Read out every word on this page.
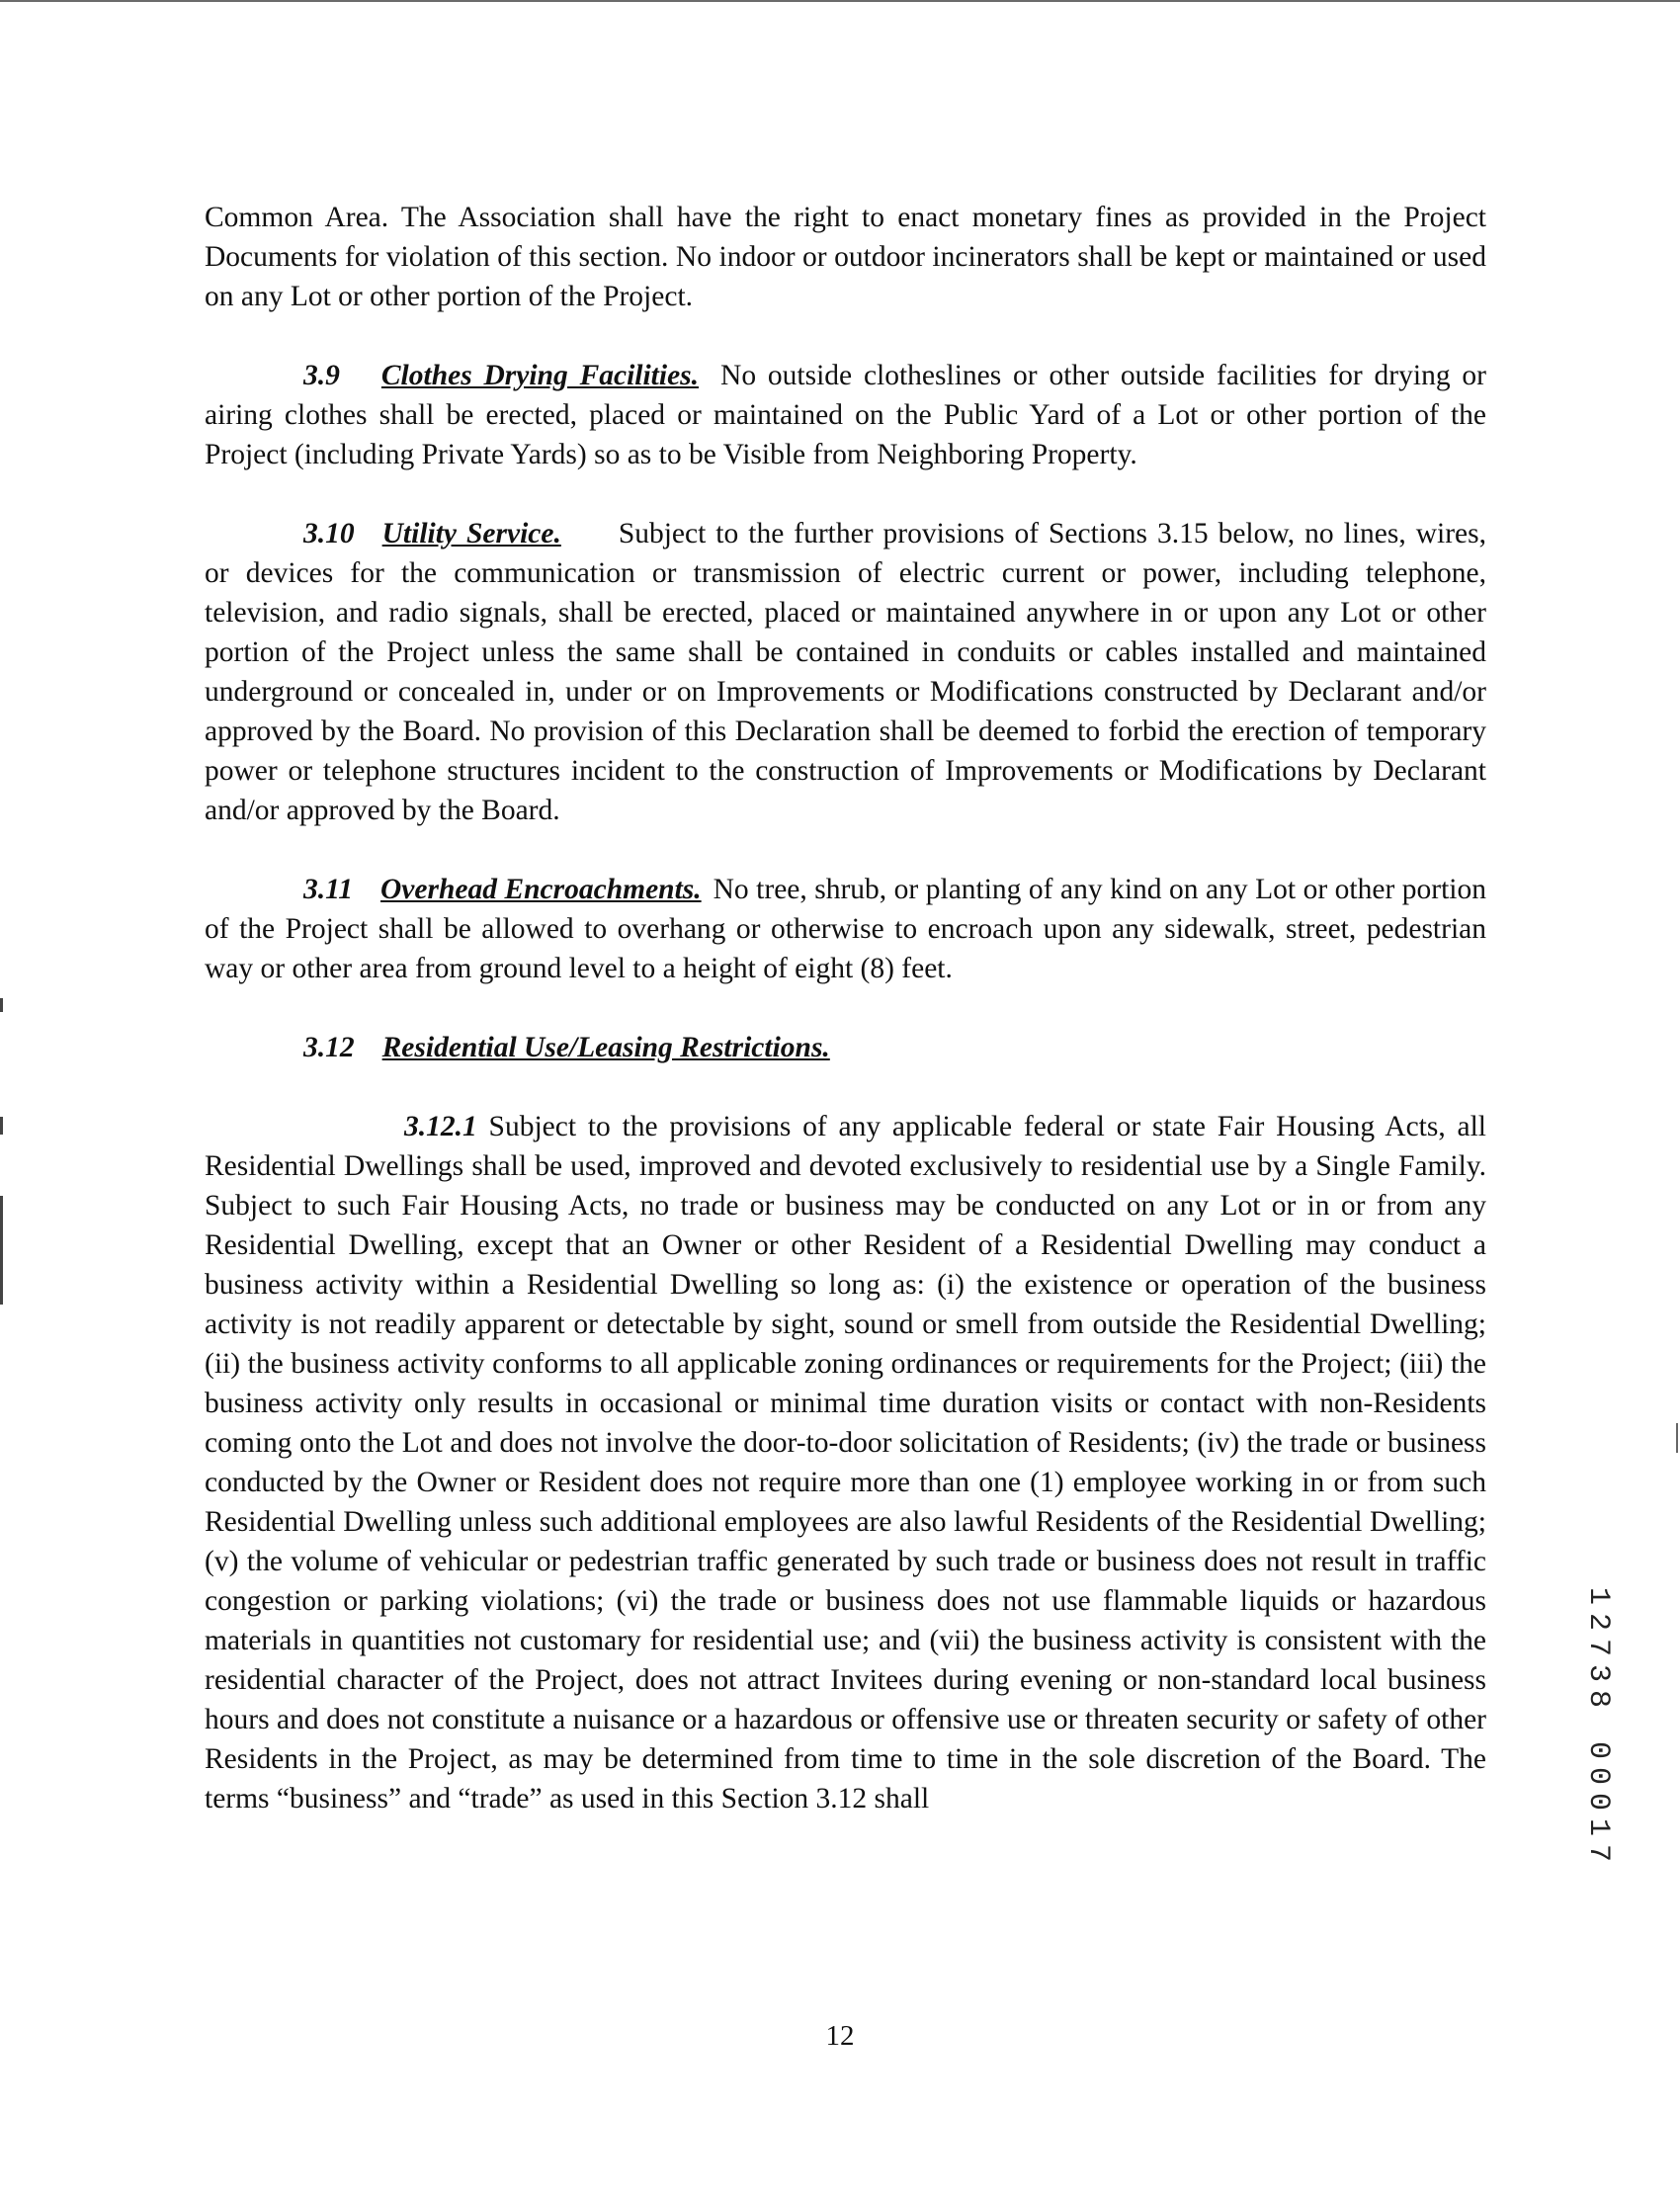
Common Area. The Association shall have the right to enact monetary fines as provided in the Project Documents for violation of this section. No indoor or outdoor incinerators shall be kept or maintained or used on any Lot or other portion of the Project.

3.9 Clothes Drying Facilities. No outside clotheslines or other outside facilities for drying or airing clothes shall be erected, placed or maintained on the Public Yard of a Lot or other portion of the Project (including Private Yards) so as to be Visible from Neighboring Property.

3.10 Utility Service. Subject to the further provisions of Sections 3.15 below, no lines, wires, or devices for the communication or transmission of electric current or power, including telephone, television, and radio signals, shall be erected, placed or maintained anywhere in or upon any Lot or other portion of the Project unless the same shall be contained in conduits or cables installed and maintained underground or concealed in, under or on Improvements or Modifications constructed by Declarant and/or approved by the Board. No provision of this Declaration shall be deemed to forbid the erection of temporary power or telephone structures incident to the construction of Improvements or Modifications by Declarant and/or approved by the Board.

3.11 Overhead Encroachments. No tree, shrub, or planting of any kind on any Lot or other portion of the Project shall be allowed to overhang or otherwise to encroach upon any sidewalk, street, pedestrian way or other area from ground level to a height of eight (8) feet.

3.12 Residential Use/Leasing Restrictions.

3.12.1 Subject to the provisions of any applicable federal or state Fair Housing Acts, all Residential Dwellings shall be used, improved and devoted exclusively to residential use by a Single Family. Subject to such Fair Housing Acts, no trade or business may be conducted on any Lot or in or from any Residential Dwelling, except that an Owner or other Resident of a Residential Dwelling may conduct a business activity within a Residential Dwelling so long as: (i) the existence or operation of the business activity is not readily apparent or detectable by sight, sound or smell from outside the Residential Dwelling; (ii) the business activity conforms to all applicable zoning ordinances or requirements for the Project; (iii) the business activity only results in occasional or minimal time duration visits or contact with non-Residents coming onto the Lot and does not involve the door-to-door solicitation of Residents; (iv) the trade or business conducted by the Owner or Resident does not require more than one (1) employee working in or from such Residential Dwelling unless such additional employees are also lawful Residents of the Residential Dwelling; (v) the volume of vehicular or pedestrian traffic generated by such trade or business does not result in traffic congestion or parking violations; (vi) the trade or business does not use flammable liquids or hazardous materials in quantities not customary for residential use; and (vii) the business activity is consistent with the residential character of the Project, does not attract Invitees during evening or non-standard local business hours and does not constitute a nuisance or a hazardous or offensive use or threaten security or safety of other Residents in the Project, as may be determined from time to time in the sole discretion of the Board. The terms “business” and “trade” as used in this Section 3.12 shall

1
2
7
3
8

0
0
0
1
7
12
